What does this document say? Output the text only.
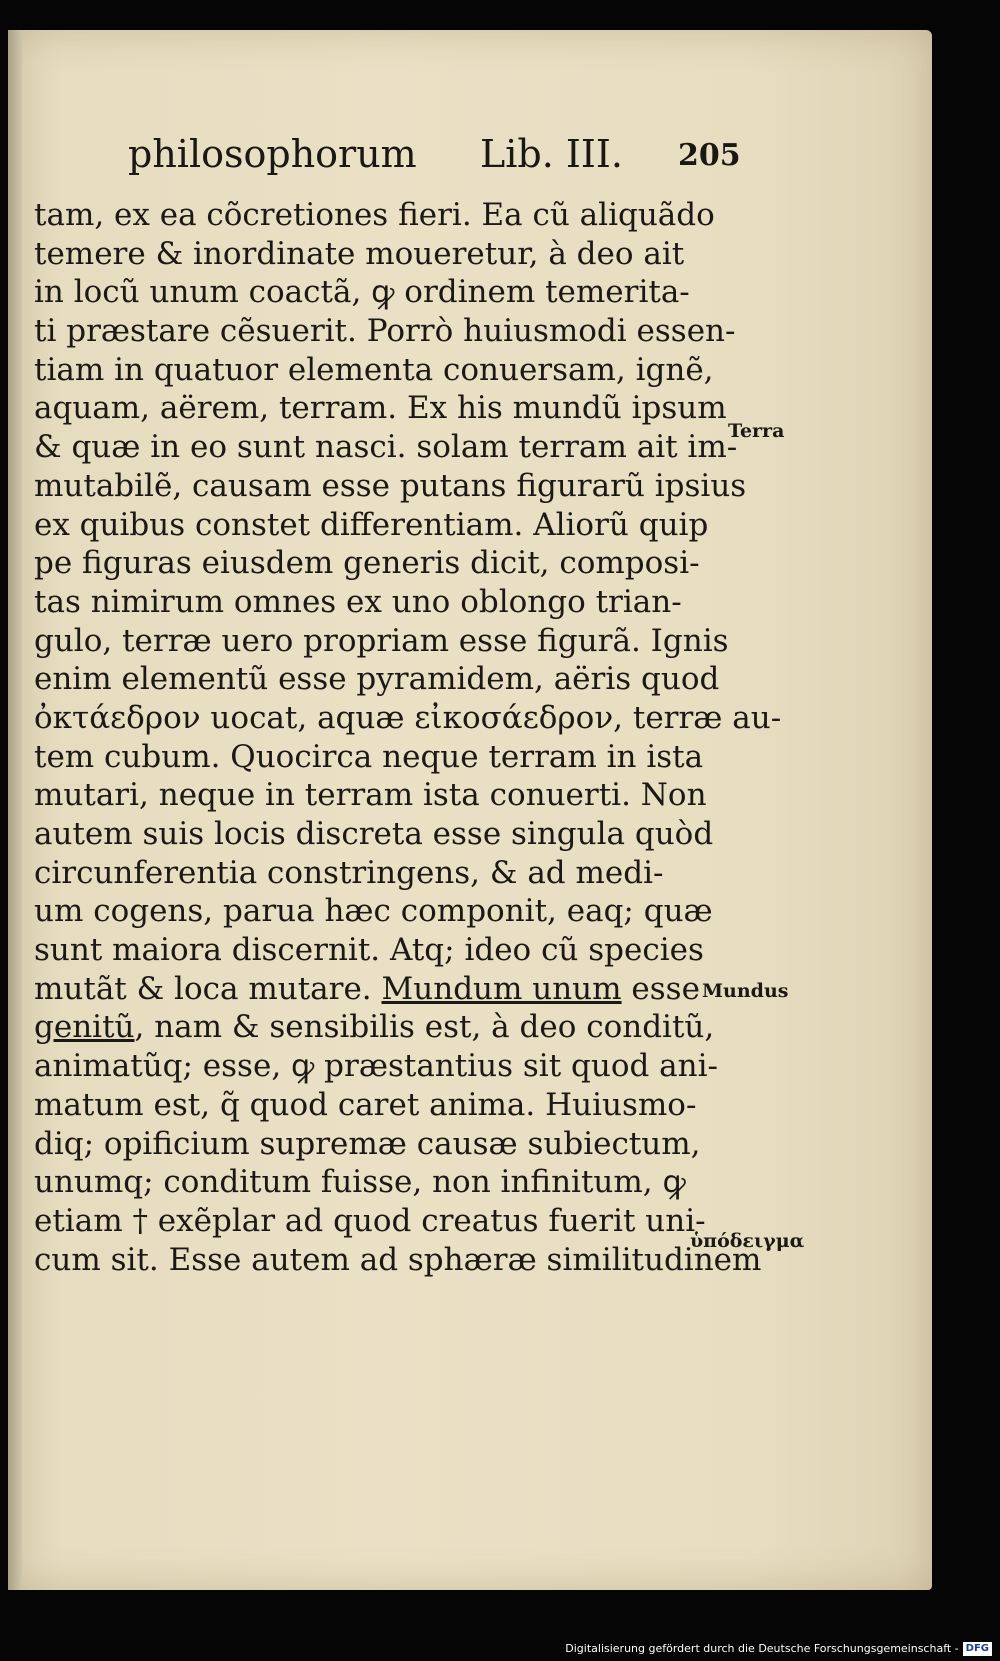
philosophorum Lib. III. 205
tam, ex ea cõcretiones fieri. Ea cũ aliquãdo
temere & inordinate moueretur, à deo ait
in locũ unum coactã, ꝙ ordinem temerita-
ti præstare cẽsuerit. Porrò huiusmodi essen-
tiam in quatuor elementa conuersam, ignẽ,
aquam, aërem, terram. Ex his mundũ ipsum
& quæ in eo sunt nasci. solam terram ait im-
mutabilẽ, causam esse putans figurarũ ipsius
ex quibus constet differentiam. Aliorũ quip
pe figuras eiusdem generis dicit, composi-
tas nimirum omnes ex uno oblongo trian-
gulo, terræ uero propriam esse figurã. Ignis
enim elementũ esse pyramidem, aëris quod
ὀκτάεδρον uocat, aquæ εἰκοσάεδρον, terræ au-
tem cubum. Quocirca neque terram in ista
mutari, neque in terram ista conuerti. Non
autem suis locis discreta esse singula quòd
circunferentia constringens, & ad medi-
um cogens, parua hæc componit, eaq; quæ
sunt maiora discernit. Atq; ideo cũ species
mutãt & loca mutare. Mundum unum esse
genitũ, nam & sensibilis est, à deo conditũ,
animatũq; esse, ꝙ præstantius sit quod ani-
matum est, q̃ quod caret anima. Huiusmo-
diq; opificium supremæ causæ subiectum,
unumq; conditum fuisse, non infinitum, ꝙ
etiam † exẽplar ad quod creatus fuerit uni-
cum sit. Esse autem ad sphæræ similitudinem
Terra
Mundus
ὑπόδειγμα
Digitalisierung gefördert durch die Deutsche Forschungsgemeinschaft - DFG
